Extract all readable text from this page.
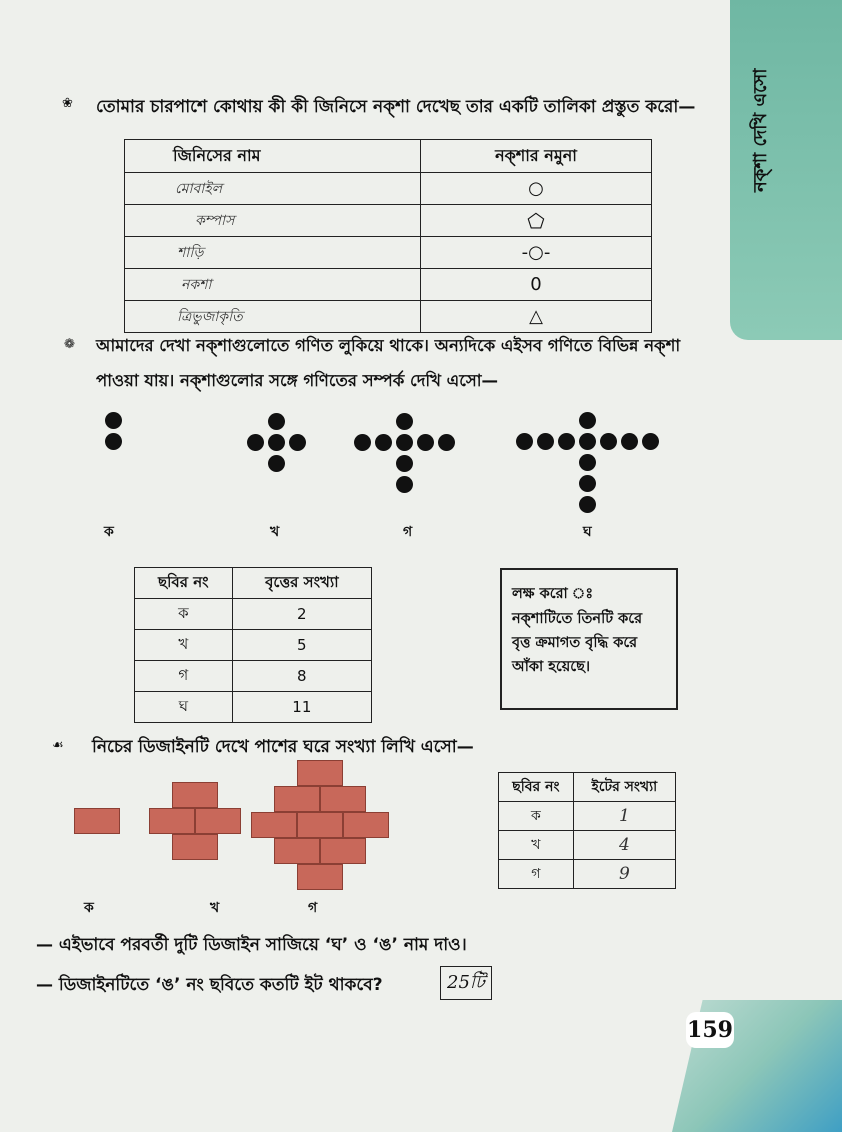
নক্‌শা দেখি এসো
❀ তোমার চারপাশে কোথায় কী কী জিনিসে নক্‌শা দেখেছ তার একটি তালিকা প্রস্তুত করো—
জিনিসের নাম	নক্‌শার নমুনা
মোবাইল	○
কম্পাস	⬠
শাড়ি	-○-
নকশা	0
ত্রিভুজাকৃতি	△
❁ আমাদের দেখা নক্‌শাগুলোতে গণিত লুকিয়ে থাকে। অন্যদিকে এইসব গণিতে বিভিন্ন নক্‌শা
পাওয়া যায়। নক্‌শাগুলোর সঙ্গে গণিতের সম্পর্ক দেখি এসো—
ক	খ	গ	ঘ
ছবির নং	বৃত্তের সংখ্যা
ক	2
খ	5
গ	8
ঘ	11
লক্ষ করো ঃ
নক্‌শাটিতে তিনটি করে
বৃত্ত ক্রমাগত বৃদ্ধি করে
আঁকা হয়েছে।
☙ নিচের ডিজাইনটি দেখে পাশের ঘরে সংখ্যা লিখি এসো—
ক	খ	গ
ছবির নং	ইটের সংখ্যা
ক	1
খ	4
গ	9
— এইভাবে পরবর্তী দুটি ডিজাইন সাজিয়ে ‘ঘ’ ও ‘ঙ’ নাম দাও।
— ডিজাইনটিতে ‘ঙ’ নং ছবিতে কতটি ইট থাকবে?	25টি
159
